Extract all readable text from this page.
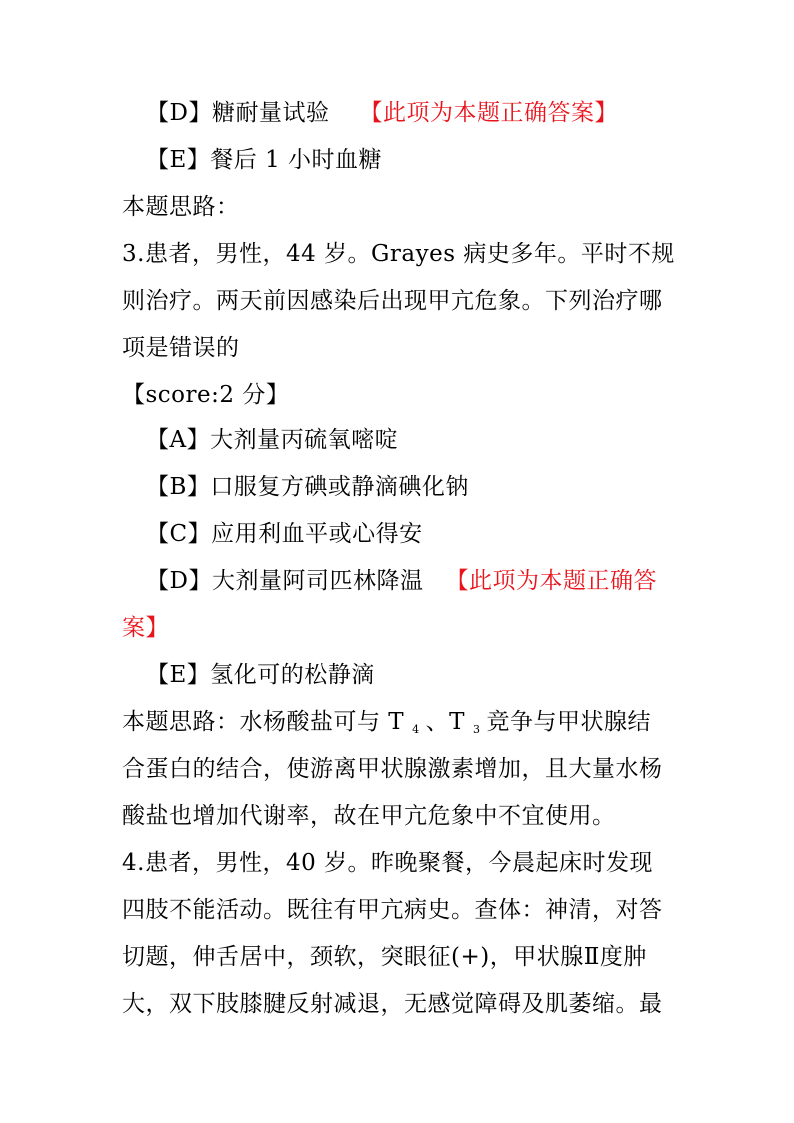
【D】糖耐量试验 【此项为本题正确答案】
【E】餐后 1 小时血糖
本题思路：
3.患者，男性，44 岁。Grayes 病史多年。平时不规
则治疗。两天前因感染后出现甲亢危象。下列治疗哪
项是错误的
【score:2 分】
【A】大剂量丙硫氧嘧啶
【B】口服复方碘或静滴碘化钠
【C】应用利血平或心得安
【D】大剂量阿司匹林降温 【此项为本题正确答
案】
【E】氢化可的松静滴
本题思路：水杨酸盐可与 T $_4$ 、T $_3$ 竞争与甲状腺结
合蛋白的结合，使游离甲状腺激素增加，且大量水杨
酸盐也增加代谢率，故在甲亢危象中不宜使用。
4.患者，男性，40 岁。昨晚聚餐，今晨起床时发现
四肢不能活动。既往有甲亢病史。查体：神清，对答
切题，伸舌居中，颈软，突眼征(+)，甲状腺Ⅱ度肿
大，双下肢膝腱反射减退，无感觉障碍及肌萎缩。最
